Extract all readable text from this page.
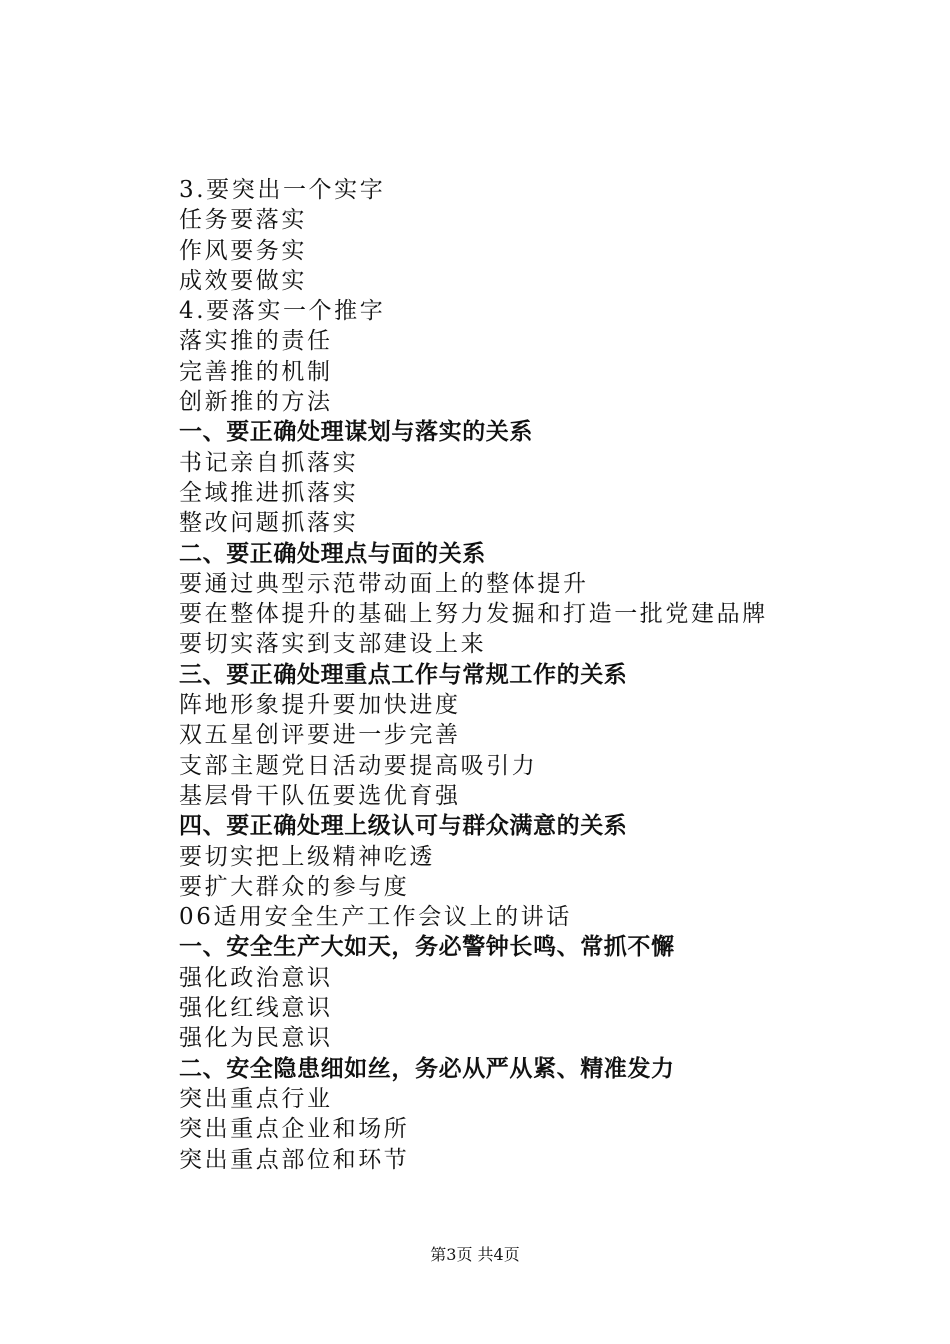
3.要突出一个实字
任务要落实
作风要务实
成效要做实
4.要落实一个推字
落实推的责任
完善推的机制
创新推的方法
一、要正确处理谋划与落实的关系
书记亲自抓落实
全域推进抓落实
整改问题抓落实
二、要正确处理点与面的关系
要通过典型示范带动面上的整体提升
要在整体提升的基础上努力发掘和打造一批党建品牌
要切实落实到支部建设上来
三、要正确处理重点工作与常规工作的关系
阵地形象提升要加快进度
双五星创评要进一步完善
支部主题党日活动要提高吸引力
基层骨干队伍要选优育强
四、要正确处理上级认可与群众满意的关系
要切实把上级精神吃透
要扩大群众的参与度
06适用安全生产工作会议上的讲话
一、安全生产大如天，务必警钟长鸣、常抓不懈
强化政治意识
强化红线意识
强化为民意识
二、安全隐患细如丝，务必从严从紧、精准发力
突出重点行业
突出重点企业和场所
突出重点部位和环节
第3页 共4页
